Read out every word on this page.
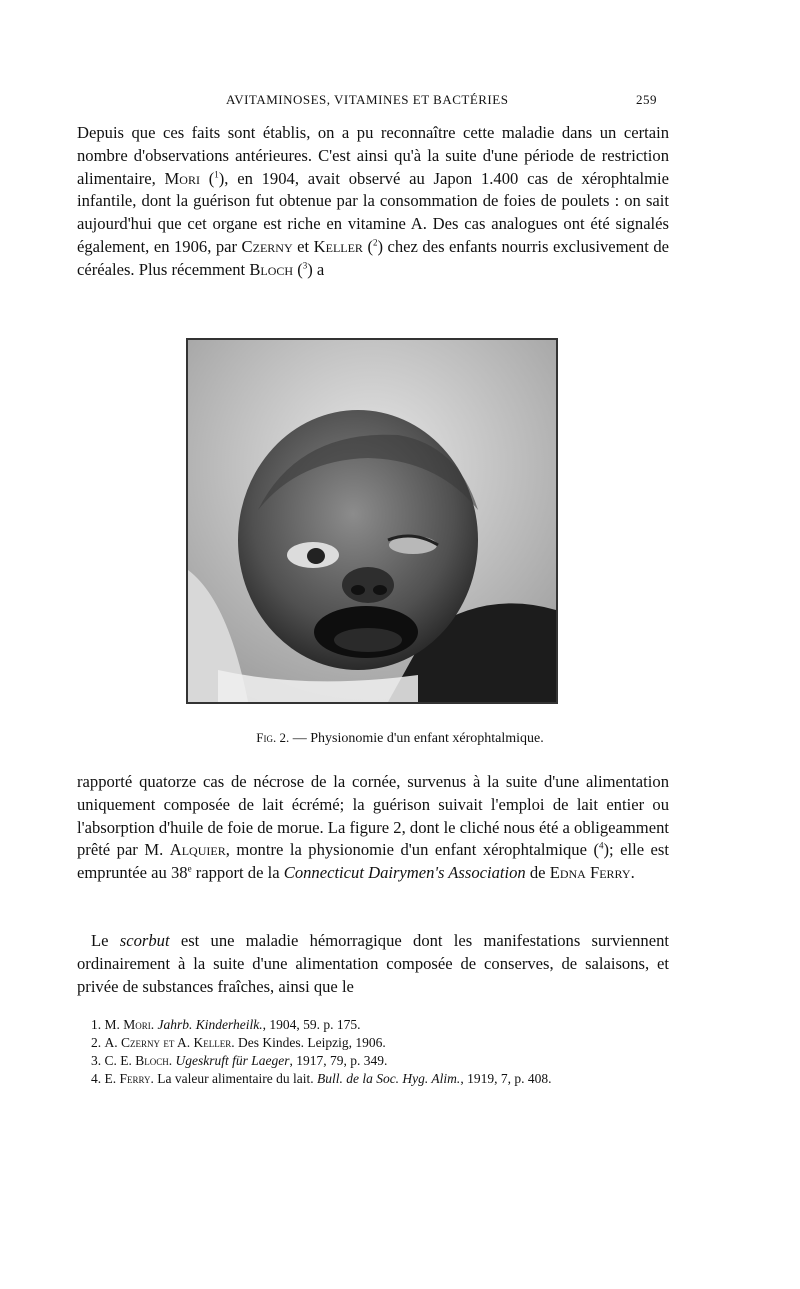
AVITAMINOSES, VITAMINES ET BACTÉRIES	259

Depuis que ces faits sont établis, on a pu reconnaître cette maladie dans un certain nombre d'observations antérieures. C'est ainsi qu'à la suite d'une période de restriction alimentaire, Mori ($^1$), en 1904, avait observé au Japon 1.400 cas de xérophtalmie infantile, dont la guérison fut obtenue par la consommation de foies de poulets : on sait aujourd'hui que cet organe est riche en vitamine A. Des cas analogues ont été signalés également, en 1906, par Czerny et Keller ($^2$) chez des enfants nourris exclusivement de céréales. Plus récemment Bloch ($^3$) a

Fig. 2. — Physionomie d'un enfant xérophtalmique.

rapporté quatorze cas de nécrose de la cornée, survenus à la suite d'une alimentation uniquement composée de lait écrémé; la guérison suivait l'emploi de lait entier ou l'absorption d'huile de foie de morue. La figure 2, dont le cliché nous été a obligeamment prêté par M. Alquier, montre la physionomie d'un enfant xérophtalmique ($^4$); elle est empruntée au 38e rapport de la Connecticut Dairymen's Association de Edna Ferry.

Le scorbut est une maladie hémorragique dont les manifestations surviennent ordinairement à la suite d'une alimentation composée de conserves, de salaisons, et privée de substances fraîches, ainsi que le

1. M. Mori. Jahrb. Kinderheilk., 1904, 59. p. 175.

2. A. Czerny et A. Keller. Des Kindes. Leipzig, 1906.

3. C. E. Bloch. Ugeskruft für Laeger, 1917, 79, p. 349.

4. E. Ferry. La valeur alimentaire du lait. Bull. de la Soc. Hyg. Alim., 1919, 7, p. 408.
